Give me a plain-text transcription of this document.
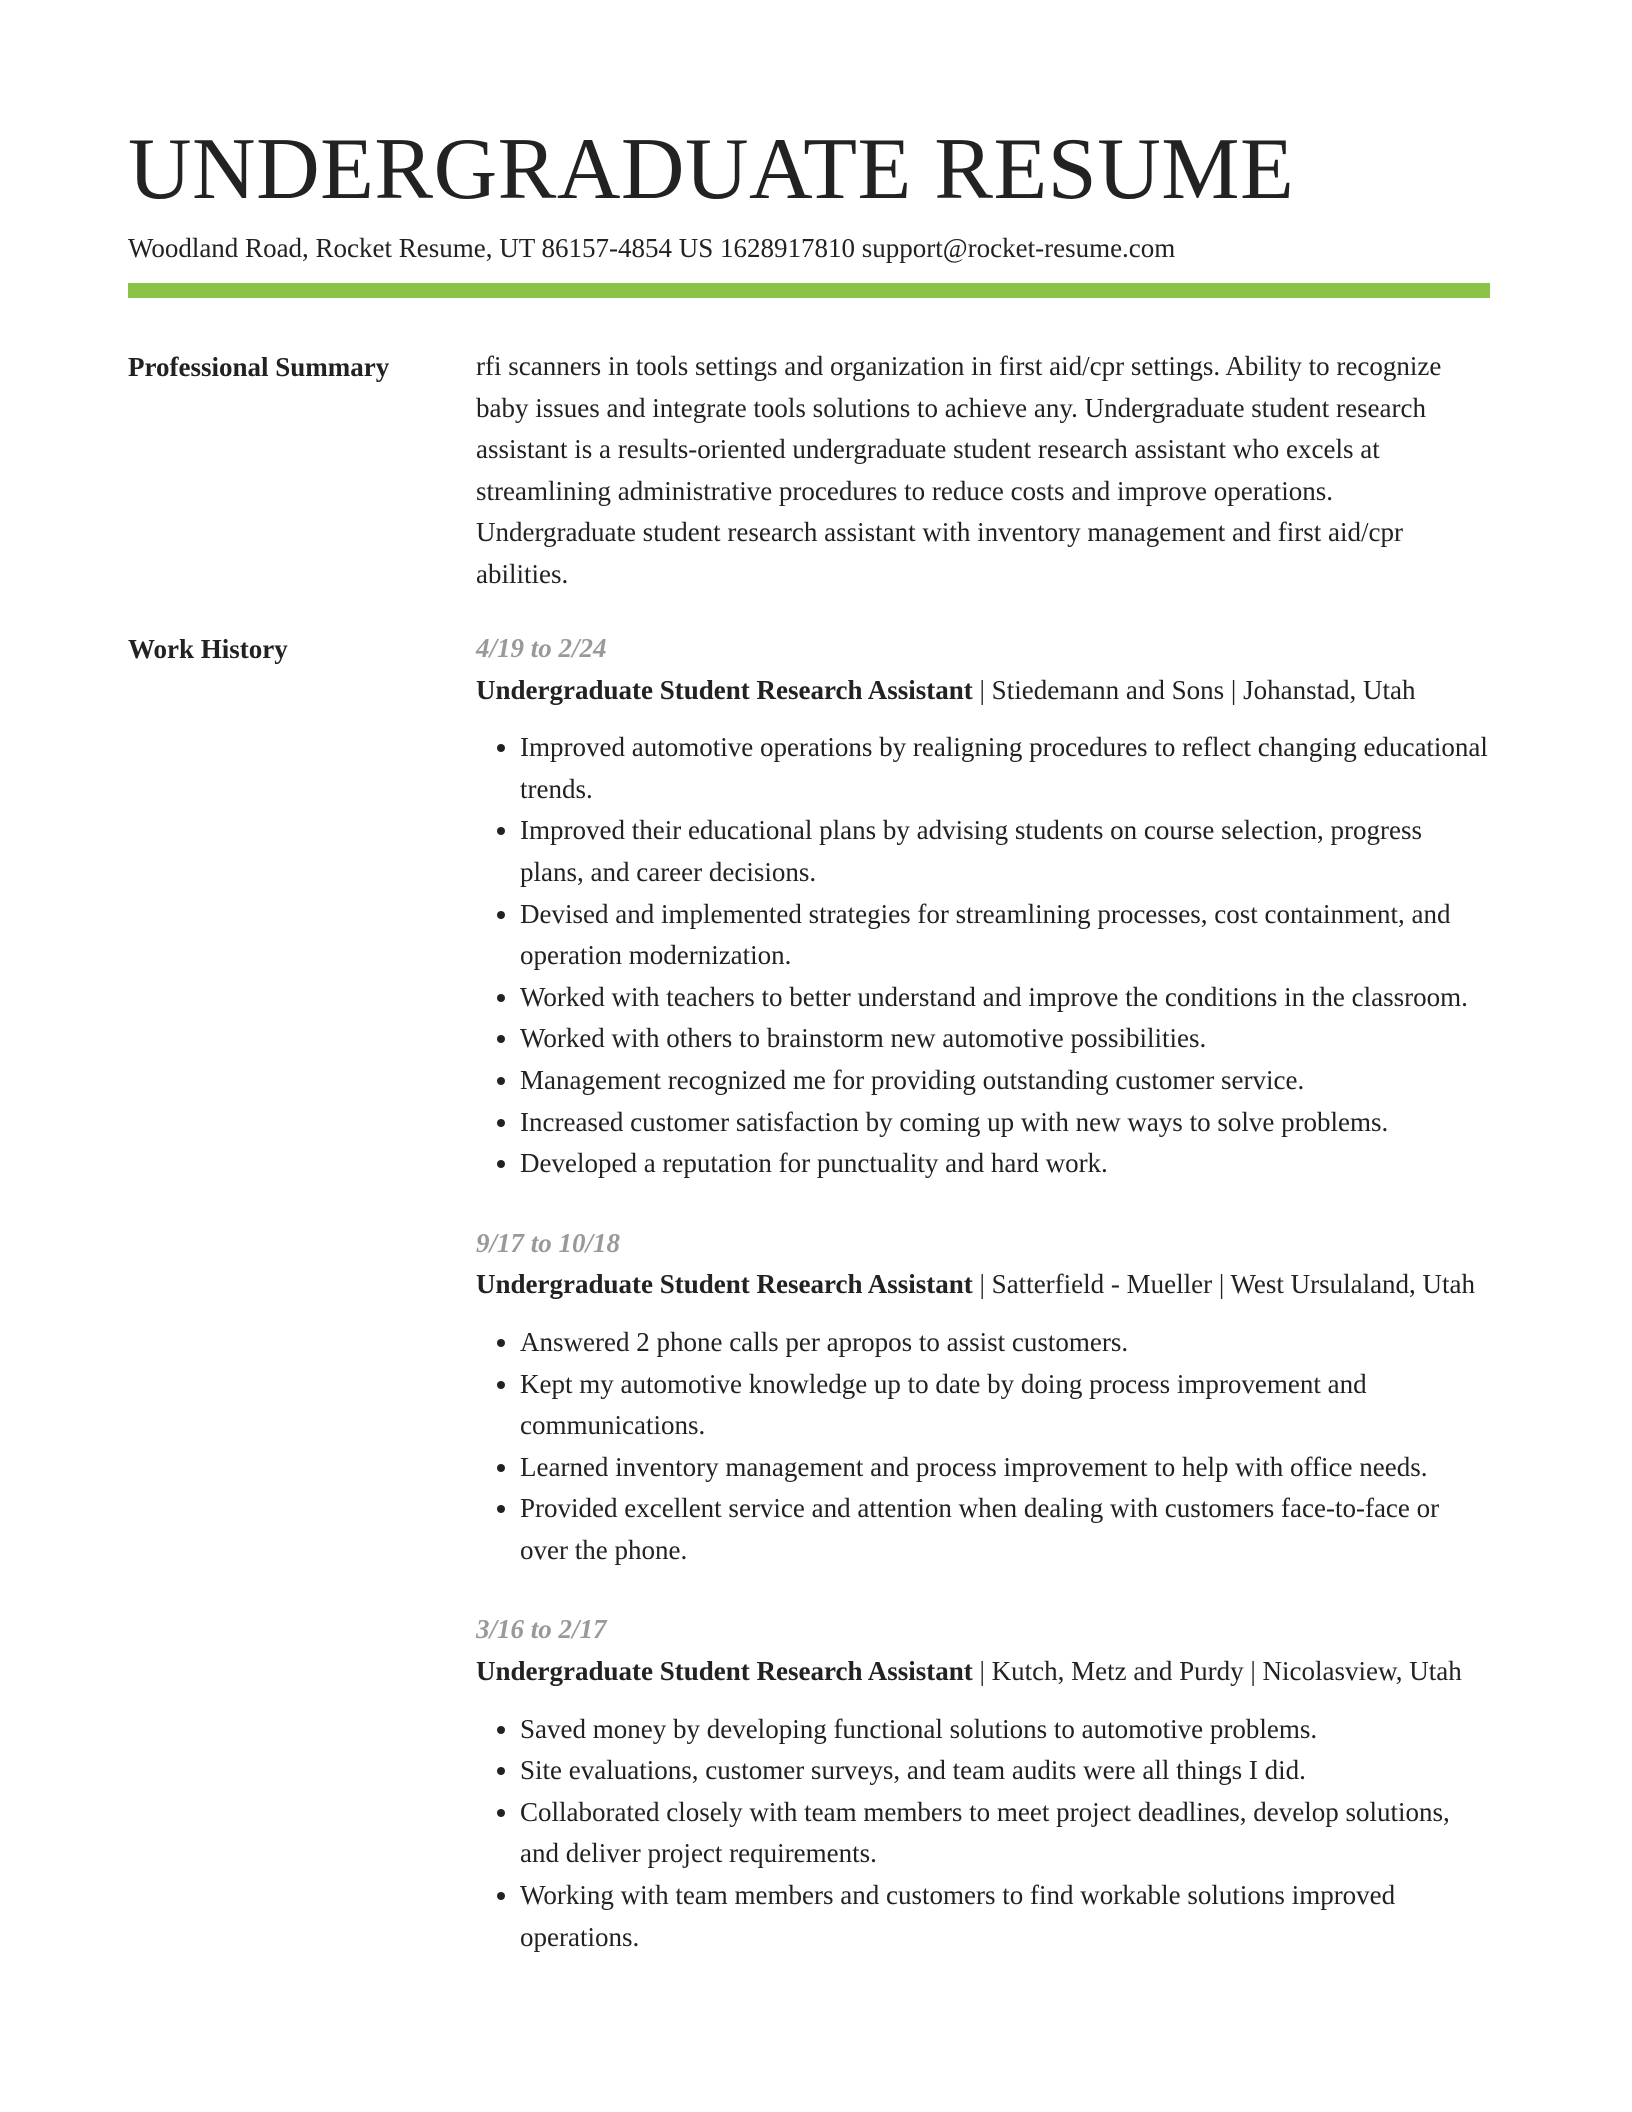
UNDERGRADUATE RESUME
Woodland Road, Rocket Resume, UT 86157-4854 US 1628917810 support@rocket-resume.com
Professional Summary	rfi scanners in tools settings and organization in first aid/cpr settings. Ability to recognize baby issues and integrate tools solutions to achieve any. Undergraduate student research assistant is a results-oriented undergraduate student research assistant who excels at streamlining administrative procedures to reduce costs and improve operations. Undergraduate student research assistant with inventory management and first aid/cpr abilities.

Work History	4/19 to 2/24

Undergraduate Student Research Assistant | Stiedemann and Sons | Johanstad, Utah

• Improved automotive operations by realigning procedures to reflect changing educational trends.
• Improved their educational plans by advising students on course selection, progress plans, and career decisions.
• Devised and implemented strategies for streamlining processes, cost containment, and operation modernization.
• Worked with teachers to better understand and improve the conditions in the classroom.
• Worked with others to brainstorm new automotive possibilities.
• Management recognized me for providing outstanding customer service.
• Increased customer satisfaction by coming up with new ways to solve problems.
• Developed a reputation for punctuality and hard work.

9/17 to 10/18

Undergraduate Student Research Assistant | Satterfield - Mueller | West Ursulaland, Utah

• Answered 2 phone calls per apropos to assist customers.
• Kept my automotive knowledge up to date by doing process improvement and communications.
• Learned inventory management and process improvement to help with office needs.
• Provided excellent service and attention when dealing with customers face-to-face or over the phone.

3/16 to 2/17

Undergraduate Student Research Assistant | Kutch, Metz and Purdy | Nicolasview, Utah

• Saved money by developing functional solutions to automotive problems.
• Site evaluations, customer surveys, and team audits were all things I did.
• Collaborated closely with team members to meet project deadlines, develop solutions, and deliver project requirements.
• Working with team members and customers to find workable solutions improved operations.
